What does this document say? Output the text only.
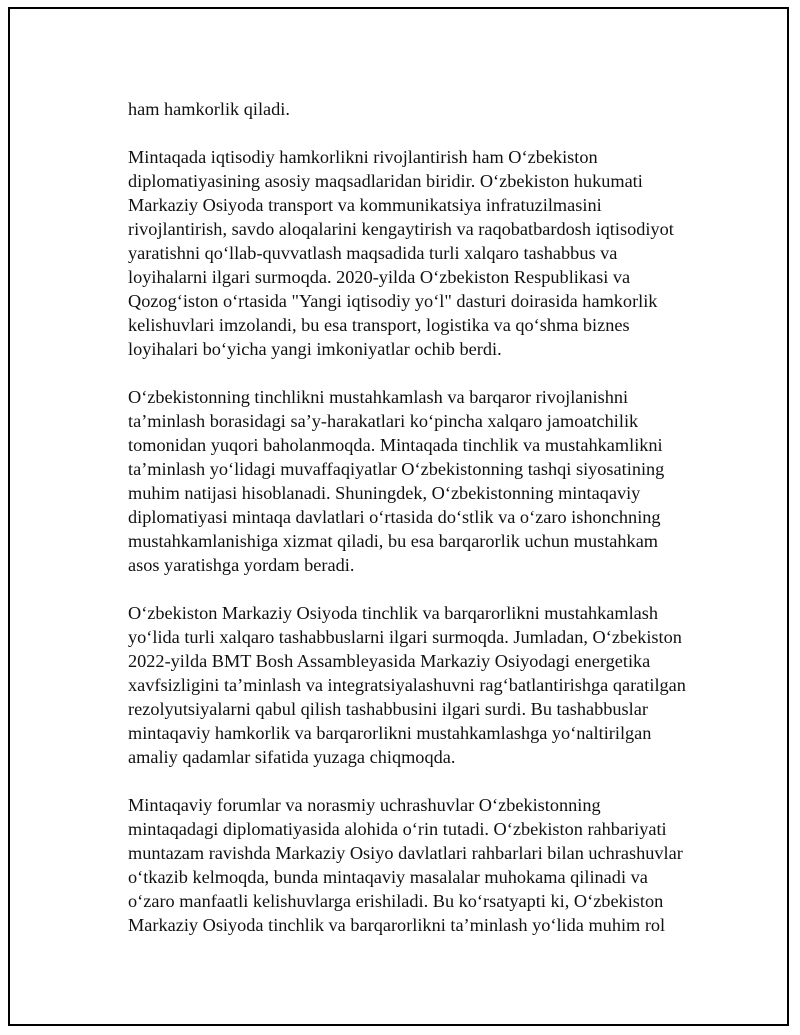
ham hamkorlik qiladi.

Mintaqada iqtisodiy hamkorlikni rivojlantirish ham Oʻzbekiston
diplomatiyasining asosiy maqsadlaridan biridir. Oʻzbekiston hukumati
Markaziy Osiyoda transport va kommunikatsiya infratuzilmasini
rivojlantirish, savdo aloqalarini kengaytirish va raqobatbardosh iqtisodiyot
yaratishni qoʻllab-quvvatlash maqsadida turli xalqaro tashabbus va
loyihalarni ilgari surmoqda. 2020-yilda Oʻzbekiston Respublikasi va
Qozogʻiston oʻrtasida "Yangi iqtisodiy yoʻl" dasturi doirasida hamkorlik
kelishuvlari imzolandi, bu esa transport, logistika va qoʻshma biznes
loyihalari boʻyicha yangi imkoniyatlar ochib berdi.

Oʻzbekistonning tinchlikni mustahkamlash va barqaror rivojlanishni
taʼminlash borasidagi saʼy-harakatlari koʻpincha xalqaro jamoatchilik
tomonidan yuqori baholanmoqda. Mintaqada tinchlik va mustahkamlikni
taʼminlash yoʻlidagi muvaffaqiyatlar Oʻzbekistonning tashqi siyosatining
muhim natijasi hisoblanadi. Shuningdek, Oʻzbekistonning mintaqaviy
diplomatiyasi mintaqa davlatlari oʻrtasida doʻstlik va oʻzaro ishonchning
mustahkamlanishiga xizmat qiladi, bu esa barqarorlik uchun mustahkam
asos yaratishga yordam beradi.

Oʻzbekiston Markaziy Osiyoda tinchlik va barqarorlikni mustahkamlash
yoʻlida turli xalqaro tashabbuslarni ilgari surmoqda. Jumladan, Oʻzbekiston
2022-yilda BMT Bosh Assambleyasida Markaziy Osiyodagi energetika
xavfsizligini taʼminlash va integratsiyalashuvni ragʻbatlantirishga qaratilgan
rezolyutsiyalarni qabul qilish tashabbusini ilgari surdi. Bu tashabbuslar
mintaqaviy hamkorlik va barqarorlikni mustahkamlashga yoʻnaltirilgan
amaliy qadamlar sifatida yuzaga chiqmoqda.

Mintaqaviy forumlar va norasmiy uchrashuvlar Oʻzbekistonning
mintaqadagi diplomatiyasida alohida oʻrin tutadi. Oʻzbekiston rahbariyati
muntazam ravishda Markaziy Osiyo davlatlari rahbarlari bilan uchrashuvlar
oʻtkazib kelmoqda, bunda mintaqaviy masalalar muhokama qilinadi va
oʻzaro manfaatli kelishuvlarga erishiladi. Bu koʻrsatyapti ki, Oʻzbekiston
Markaziy Osiyoda tinchlik va barqarorlikni taʼminlash yoʻlida muhim rol
